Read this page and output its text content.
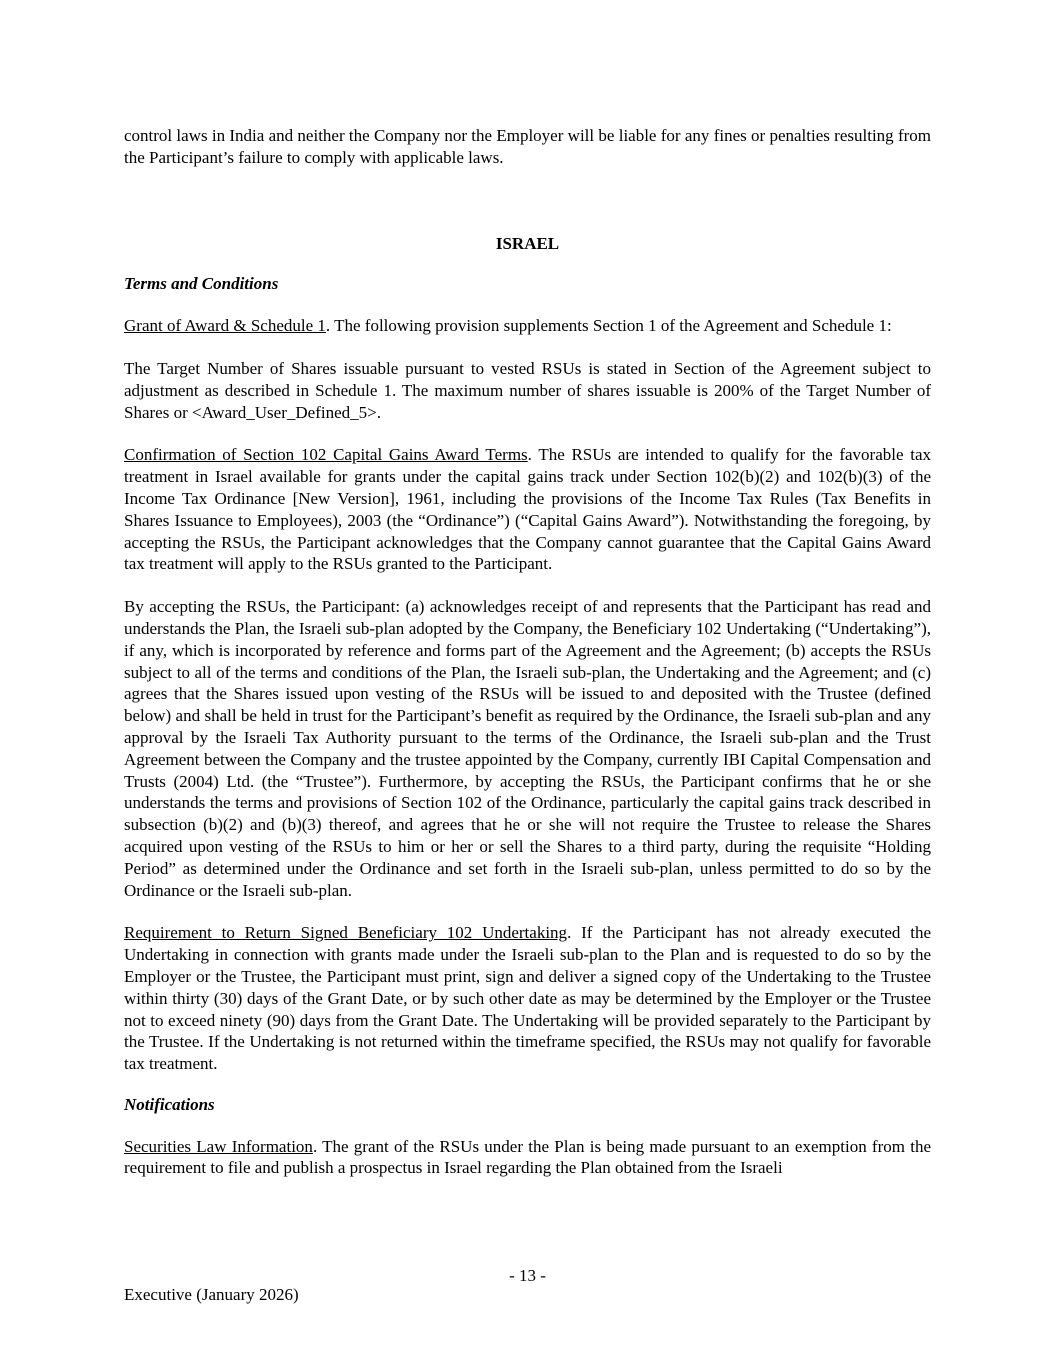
control laws in India and neither the Company nor the Employer will be liable for any fines or penalties resulting from the Participant’s failure to comply with applicable laws.

ISRAEL

Terms and Conditions

Grant of Award & Schedule 1. The following provision supplements Section 1 of the Agreement and Schedule 1:

The Target Number of Shares issuable pursuant to vested RSUs is stated in Section of the Agreement subject to adjustment as described in Schedule 1. The maximum number of shares issuable is 200% of the Target Number of Shares or <Award_User_Defined_5>.

Confirmation of Section 102 Capital Gains Award Terms. The RSUs are intended to qualify for the favorable tax treatment in Israel available for grants under the capital gains track under Section 102(b)(2) and 102(b)(3) of the Income Tax Ordinance [New Version], 1961, including the provisions of the Income Tax Rules (Tax Benefits in Shares Issuance to Employees), 2003 (the “Ordinance”) (“Capital Gains Award”). Notwithstanding the foregoing, by accepting the RSUs, the Participant acknowledges that the Company cannot guarantee that the Capital Gains Award tax treatment will apply to the RSUs granted to the Participant.

By accepting the RSUs, the Participant: (a) acknowledges receipt of and represents that the Participant has read and understands the Plan, the Israeli sub-plan adopted by the Company, the Beneficiary 102 Undertaking (“Undertaking”), if any, which is incorporated by reference and forms part of the Agreement and the Agreement; (b) accepts the RSUs subject to all of the terms and conditions of the Plan, the Israeli sub-plan, the Undertaking and the Agreement; and (c) agrees that the Shares issued upon vesting of the RSUs will be issued to and deposited with the Trustee (defined below) and shall be held in trust for the Participant’s benefit as required by the Ordinance, the Israeli sub-plan and any approval by the Israeli Tax Authority pursuant to the terms of the Ordinance, the Israeli sub-plan and the Trust Agreement between the Company and the trustee appointed by the Company, currently IBI Capital Compensation and Trusts (2004) Ltd. (the “Trustee”). Furthermore, by accepting the RSUs, the Participant confirms that he or she understands the terms and provisions of Section 102 of the Ordinance, particularly the capital gains track described in subsection (b)(2) and (b)(3) thereof, and agrees that he or she will not require the Trustee to release the Shares acquired upon vesting of the RSUs to him or her or sell the Shares to a third party, during the requisite “Holding Period” as determined under the Ordinance and set forth in the Israeli sub-plan, unless permitted to do so by the Ordinance or the Israeli sub-plan.

Requirement to Return Signed Beneficiary 102 Undertaking. If the Participant has not already executed the Undertaking in connection with grants made under the Israeli sub-plan to the Plan and is requested to do so by the Employer or the Trustee, the Participant must print, sign and deliver a signed copy of the Undertaking to the Trustee within thirty (30) days of the Grant Date, or by such other date as may be determined by the Employer or the Trustee not to exceed ninety (90) days from the Grant Date. The Undertaking will be provided separately to the Participant by the Trustee. If the Undertaking is not returned within the timeframe specified, the RSUs may not qualify for favorable tax treatment.

Notifications

Securities Law Information. The grant of the RSUs under the Plan is being made pursuant to an exemption from the requirement to file and publish a prospectus in Israel regarding the Plan obtained from the Israeli

- 13 -
Executive (January 2026)
